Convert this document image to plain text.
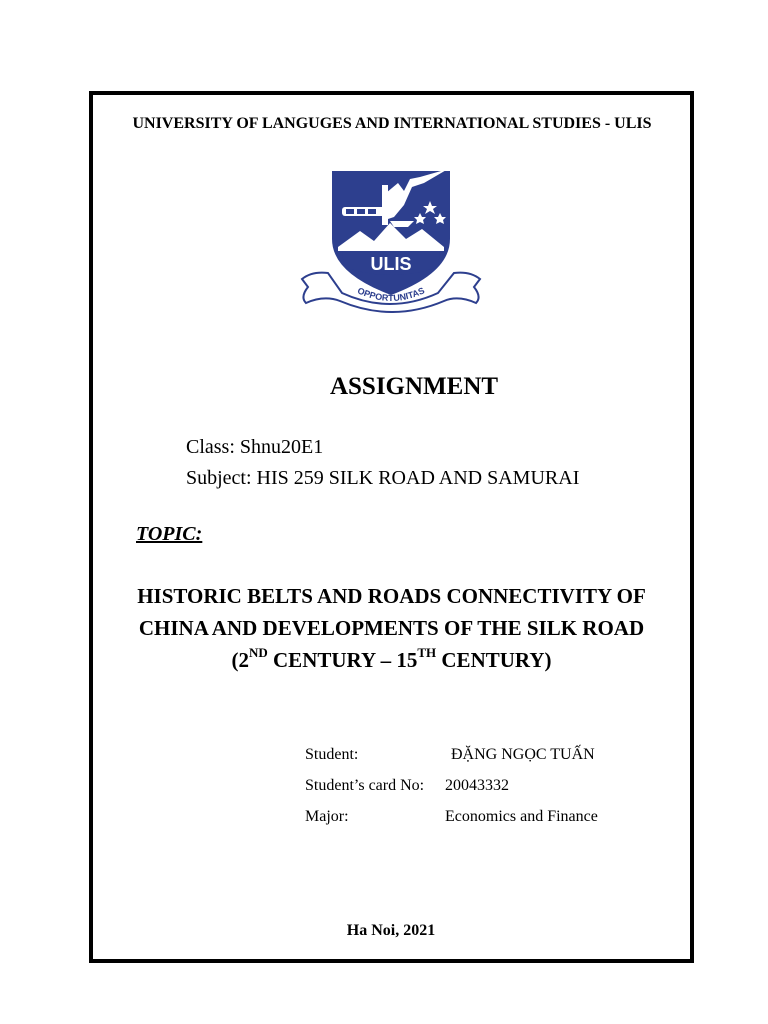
UNIVERSITY OF LANGUGES AND INTERNATIONAL STUDIES - ULIS
ULIS
OPPORTUNITAS
ASSIGNMENT
Class: Shnu20E1
Subject: HIS 259 SILK ROAD AND SAMURAI
TOPIC:
HISTORIC BELTS AND ROADS CONNECTIVITY OF
CHINA AND DEVELOPMENTS OF THE SILK ROAD
(2ND CENTURY – 15TH CENTURY)
Student:	ĐẶNG NGỌC TUẤN
Student’s card No: 20043332
Major:	Economics and Finance
Ha Noi, 2021
